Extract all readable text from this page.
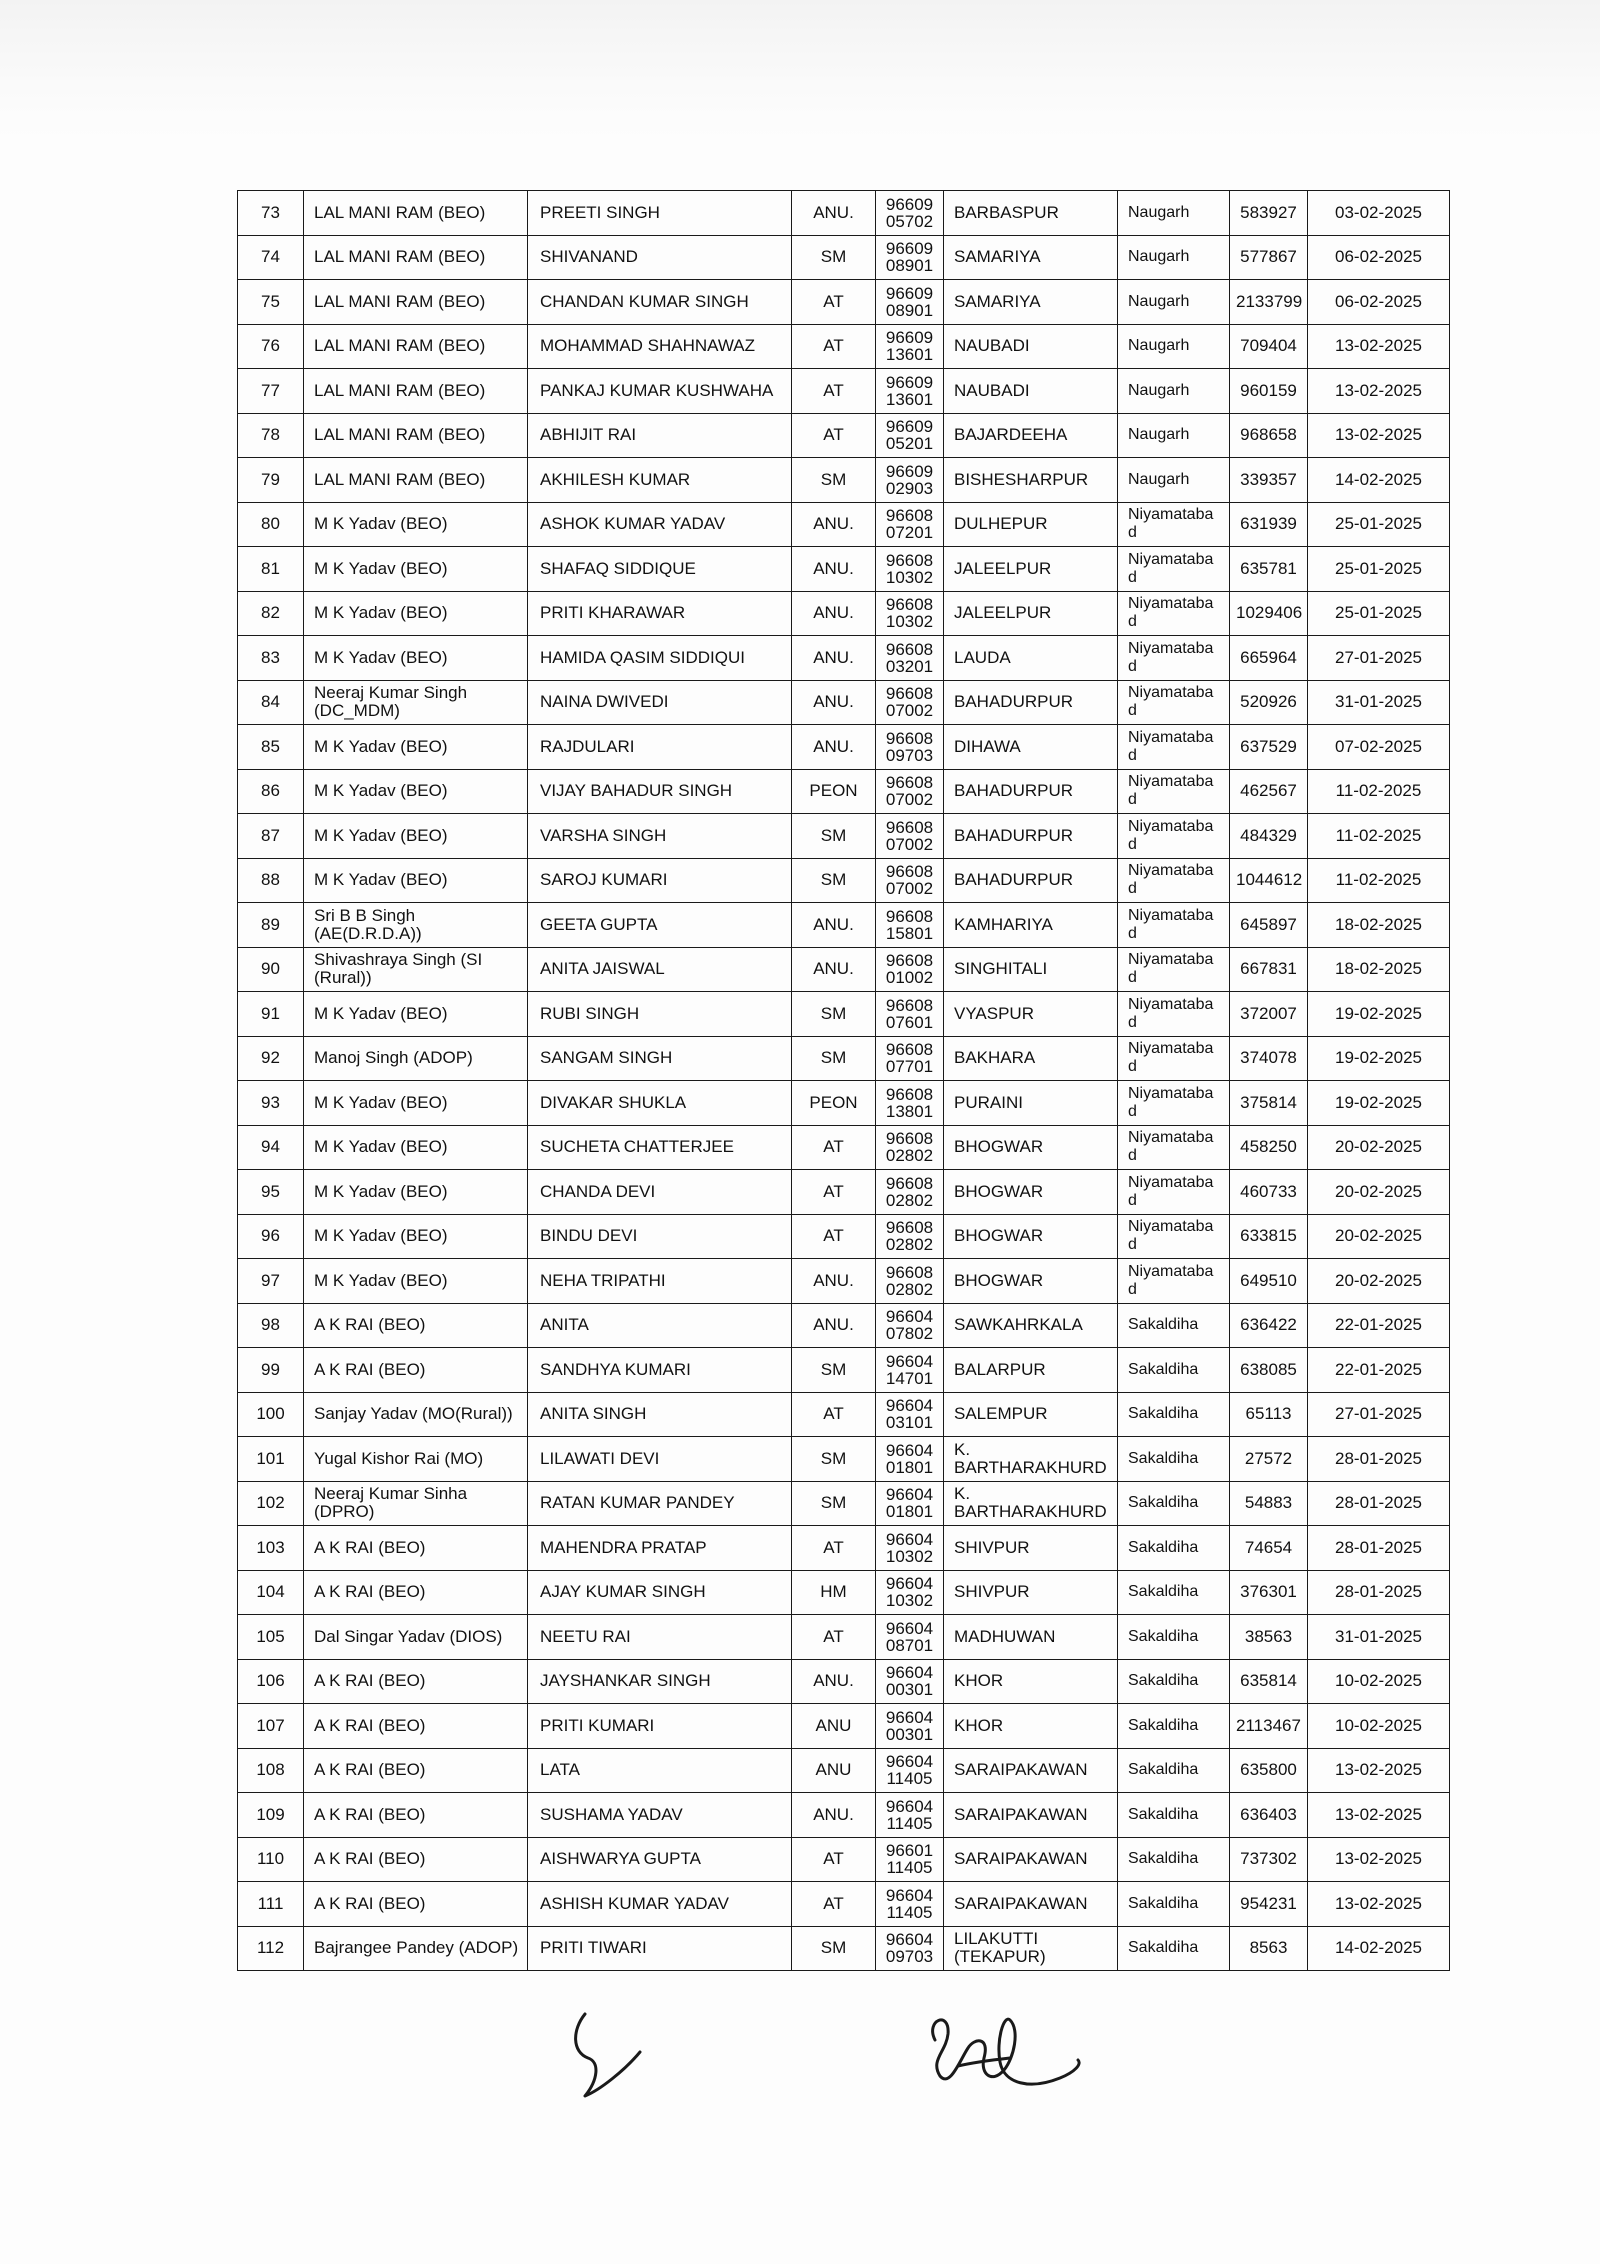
73	LAL MANI RAM (BEO)	PREETI SINGH	ANU.	96609 05702	BARBASPUR	Naugarh	583927	03-02-2025
74	LAL MANI RAM (BEO)	SHIVANAND	SM	96609 08901	SAMARIYA	Naugarh	577867	06-02-2025
75	LAL MANI RAM (BEO)	CHANDAN KUMAR SINGH	AT	96609 08901	SAMARIYA	Naugarh	2133799	06-02-2025
76	LAL MANI RAM (BEO)	MOHAMMAD SHAHNAWAZ	AT	96609 13601	NAUBADI	Naugarh	709404	13-02-2025
77	LAL MANI RAM (BEO)	PANKAJ KUMAR KUSHWAHA	AT	96609 13601	NAUBADI	Naugarh	960159	13-02-2025
78	LAL MANI RAM (BEO)	ABHIJIT RAI	AT	96609 05201	BAJARDEEHA	Naugarh	968658	13-02-2025
79	LAL MANI RAM (BEO)	AKHILESH KUMAR	SM	96609 02903	BISHESHARPUR	Naugarh	339357	14-02-2025
80	M K Yadav (BEO)	ASHOK KUMAR YADAV	ANU.	96608 07201	DULHEPUR	Niyamataba d	631939	25-01-2025
81	M K Yadav (BEO)	SHAFAQ SIDDIQUE	ANU.	96608 10302	JALEELPUR	Niyamataba d	635781	25-01-2025
82	M K Yadav (BEO)	PRITI KHARAWAR	ANU.	96608 10302	JALEELPUR	Niyamataba d	1029406	25-01-2025
83	M K Yadav (BEO)	HAMIDA QASIM SIDDIQUI	ANU.	96608 03201	LAUDA	Niyamataba d	665964	27-01-2025
84	Neeraj Kumar Singh (DC_MDM)	NAINA DWIVEDI	ANU.	96608 07002	BAHADURPUR	Niyamataba d	520926	31-01-2025
85	M K Yadav (BEO)	RAJDULARI	ANU.	96608 09703	DIHAWA	Niyamataba d	637529	07-02-2025
86	M K Yadav (BEO)	VIJAY BAHADUR SINGH	PEON	96608 07002	BAHADURPUR	Niyamataba d	462567	11-02-2025
87	M K Yadav (BEO)	VARSHA SINGH	SM	96608 07002	BAHADURPUR	Niyamataba d	484329	11-02-2025
88	M K Yadav (BEO)	SAROJ KUMARI	SM	96608 07002	BAHADURPUR	Niyamataba d	1044612	11-02-2025
89	Sri B B Singh (AE(D.R.D.A))	GEETA GUPTA	ANU.	96608 15801	KAMHARIYA	Niyamataba d	645897	18-02-2025
90	Shivashraya Singh (SI (Rural))	ANITA JAISWAL	ANU.	96608 01002	SINGHITALI	Niyamataba d	667831	18-02-2025
91	M K Yadav (BEO)	RUBI SINGH	SM	96608 07601	VYASPUR	Niyamataba d	372007	19-02-2025
92	Manoj Singh (ADOP)	SANGAM SINGH	SM	96608 07701	BAKHARA	Niyamataba d	374078	19-02-2025
93	M K Yadav (BEO)	DIVAKAR SHUKLA	PEON	96608 13801	PURAINI	Niyamataba d	375814	19-02-2025
94	M K Yadav (BEO)	SUCHETA CHATTERJEE	AT	96608 02802	BHOGWAR	Niyamataba d	458250	20-02-2025
95	M K Yadav (BEO)	CHANDA DEVI	AT	96608 02802	BHOGWAR	Niyamataba d	460733	20-02-2025
96	M K Yadav (BEO)	BINDU DEVI	AT	96608 02802	BHOGWAR	Niyamataba d	633815	20-02-2025
97	M K Yadav (BEO)	NEHA TRIPATHI	ANU.	96608 02802	BHOGWAR	Niyamataba d	649510	20-02-2025
98	A K RAI (BEO)	ANITA	ANU.	96604 07802	SAWKAHRKALA	Sakaldiha	636422	22-01-2025
99	A K RAI (BEO)	SANDHYA KUMARI	SM	96604 14701	BALARPUR	Sakaldiha	638085	22-01-2025
100	Sanjay Yadav (MO(Rural))	ANITA SINGH	AT	96604 03101	SALEMPUR	Sakaldiha	65113	27-01-2025
101	Yugal Kishor Rai (MO)	LILAWATI DEVI	SM	96604 01801	K. BARTHARAKHURD	Sakaldiha	27572	28-01-2025
102	Neeraj Kumar Sinha (DPRO)	RATAN KUMAR PANDEY	SM	96604 01801	K. BARTHARAKHURD	Sakaldiha	54883	28-01-2025
103	A K RAI (BEO)	MAHENDRA PRATAP	AT	96604 10302	SHIVPUR	Sakaldiha	74654	28-01-2025
104	A K RAI (BEO)	AJAY KUMAR SINGH	HM	96604 10302	SHIVPUR	Sakaldiha	376301	28-01-2025
105	Dal Singar Yadav (DIOS)	NEETU RAI	AT	96604 08701	MADHUWAN	Sakaldiha	38563	31-01-2025
106	A K RAI (BEO)	JAYSHANKAR SINGH	ANU.	96604 00301	KHOR	Sakaldiha	635814	10-02-2025
107	A K RAI (BEO)	PRITI KUMARI	ANU	96604 00301	KHOR	Sakaldiha	2113467	10-02-2025
108	A K RAI (BEO)	LATA	ANU	96604 11405	SARAIPAKAWAN	Sakaldiha	635800	13-02-2025
109	A K RAI (BEO)	SUSHAMA YADAV	ANU.	96604 11405	SARAIPAKAWAN	Sakaldiha	636403	13-02-2025
110	A K RAI (BEO)	AISHWARYA GUPTA	AT	96601 11405	SARAIPAKAWAN	Sakaldiha	737302	13-02-2025
111	A K RAI (BEO)	ASHISH KUMAR YADAV	AT	96604 11405	SARAIPAKAWAN	Sakaldiha	954231	13-02-2025
112	Bajrangee Pandey (ADOP)	PRITI TIWARI	SM	96604 09703	LILAKUTTI (TEKAPUR)	Sakaldiha	8563	14-02-2025
